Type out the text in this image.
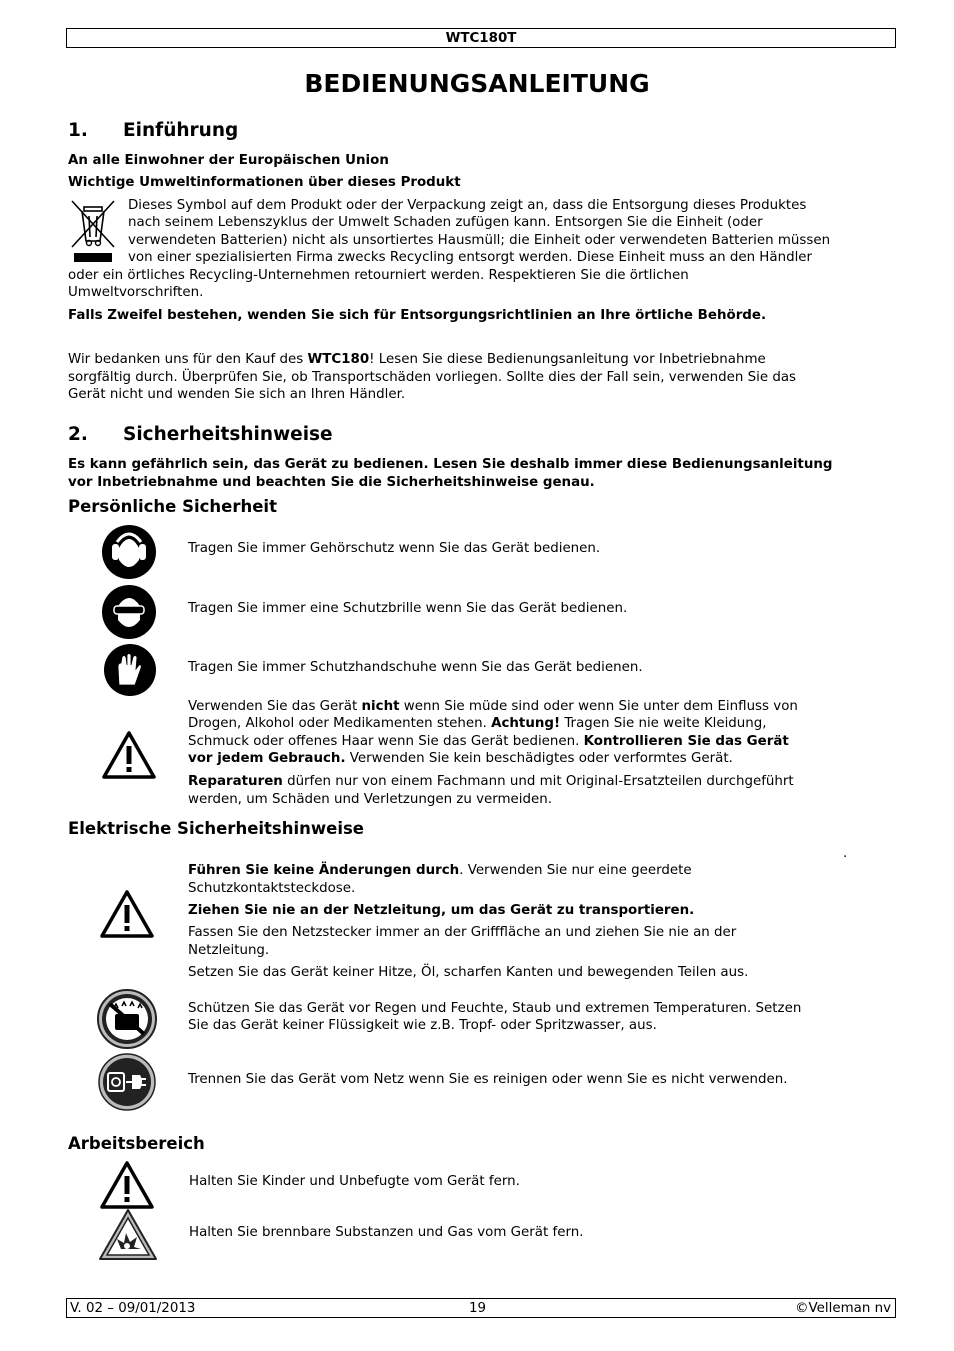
WTC180T
BEDIENUNGSANLEITUNG
1. Einführung

An alle Einwohner der Europäischen Union

Wichtige Umweltinformationen über dieses Produkt

Dieses Symbol auf dem Produkt oder der Verpackung zeigt an, dass die Entsorgung dieses Produktes

nach seinem Lebenszyklus der Umwelt Schaden zufügen kann. Entsorgen Sie die Einheit (oder

verwendeten Batterien) nicht als unsortiertes Hausmüll; die Einheit oder verwendeten Batterien müssen

von einer spezialisierten Firma zwecks Recycling entsorgt werden. Diese Einheit muss an den Händler

oder ein örtliches Recycling-Unternehmen retourniert werden. Respektieren Sie die örtlichen

Umweltvorschriften.

Falls Zweifel bestehen, wenden Sie sich für Entsorgungsrichtlinien an Ihre örtliche Behörde.

Wir bedanken uns für den Kauf des WTC180! Lesen Sie diese Bedienungsanleitung vor Inbetriebnahme

sorgfältig durch. Überprüfen Sie, ob Transportschäden vorliegen. Sollte dies der Fall sein, verwenden Sie das

Gerät nicht und wenden Sie sich an Ihren Händler.

2. Sicherheitshinweise

Es kann gefährlich sein, das Gerät zu bedienen. Lesen Sie deshalb immer diese Bedienungsanleitung

vor Inbetriebnahme und beachten Sie die Sicherheitshinweise genau.

Persönliche Sicherheit

Tragen Sie immer Gehörschutz wenn Sie das Gerät bedienen.

Tragen Sie immer eine Schutzbrille wenn Sie das Gerät bedienen.

Tragen Sie immer Schutzhandschuhe wenn Sie das Gerät bedienen.

Verwenden Sie das Gerät nicht wenn Sie müde sind oder wenn Sie unter dem Einfluss von

Drogen, Alkohol oder Medikamenten stehen. Achtung! Tragen Sie nie weite Kleidung,

Schmuck oder offenes Haar wenn Sie das Gerät bedienen. Kontrollieren Sie das Gerät

vor jedem Gebrauch. Verwenden Sie kein beschädigtes oder verformtes Gerät.

Reparaturen dürfen nur von einem Fachmann und mit Original-Ersatzteilen durchgeführt

werden, um Schäden und Verletzungen zu vermeiden.

Elektrische Sicherheitshinweise

.

Führen Sie keine Änderungen durch. Verwenden Sie nur eine geerdete

Schutzkontaktsteckdose.

Ziehen Sie nie an der Netzleitung, um das Gerät zu transportieren.

Fassen Sie den Netzstecker immer an der Grifffläche an und ziehen Sie nie an der

Netzleitung.

Setzen Sie das Gerät keiner Hitze, Öl, scharfen Kanten und bewegenden Teilen aus.

Schützen Sie das Gerät vor Regen und Feuchte, Staub und extremen Temperaturen. Setzen

Sie das Gerät keiner Flüssigkeit wie z.B. Tropf- oder Spritzwasser, aus.

Trennen Sie das Gerät vom Netz wenn Sie es reinigen oder wenn Sie es nicht verwenden.

Arbeitsbereich

Halten Sie Kinder und Unbefugte vom Gerät fern.

Halten Sie brennbare Substanzen und Gas vom Gerät fern.

V. 02 – 09/01/2013	19	©Velleman nv
